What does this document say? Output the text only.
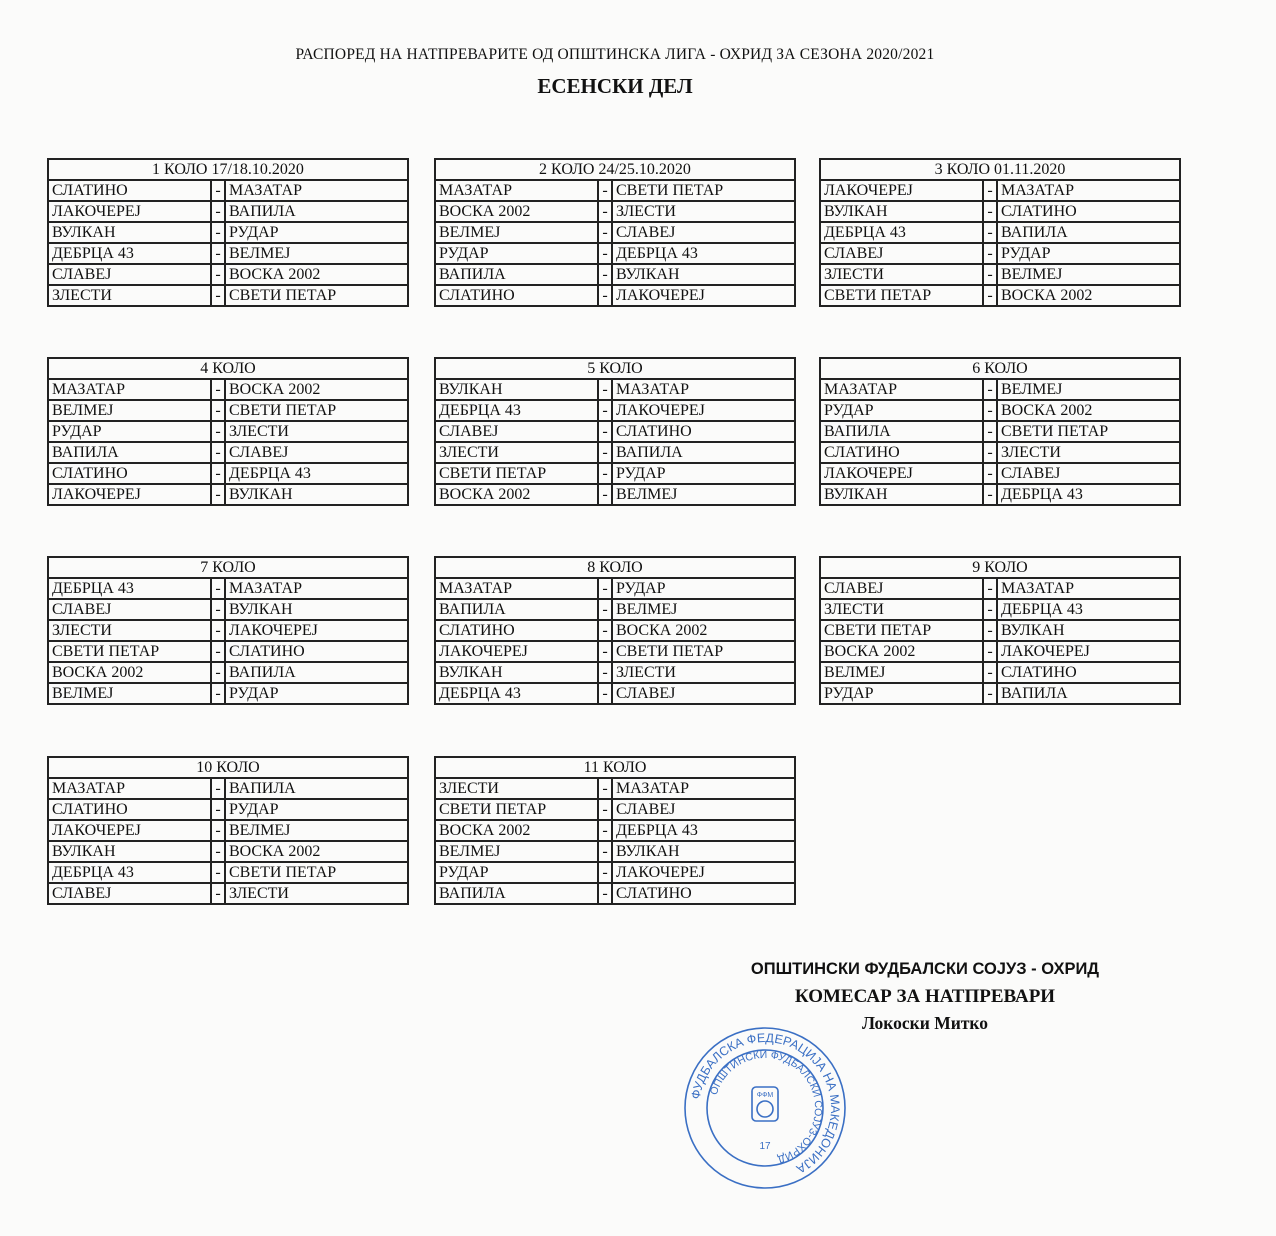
РАСПОРЕД НА НАТПРЕВАРИТЕ ОД ОПШТИНСКА ЛИГА - ОХРИД ЗА СЕЗОНА 2020/2021
ЕСЕНСКИ ДЕЛ
1 КОЛО 17/18.10.2020		
СЛАТИНО	-	МАЗАТАР
ЛАКОЧЕРЕЈ	-	ВАПИЛА
ВУЛКАН	-	РУДАР
ДЕБРЦА 43	-	ВЕЛМЕЈ
СЛАВЕЈ	-	ВОСКА 2002
ЗЛЕСТИ	-	СВЕТИ ПЕТАР
2 КОЛО 24/25.10.2020		
МАЗАТАР	-	СВЕТИ ПЕТАР
ВОСКА 2002	-	ЗЛЕСТИ
ВЕЛМЕЈ	-	СЛАВЕЈ
РУДАР	-	ДЕБРЦА 43
ВАПИЛА	-	ВУЛКАН
СЛАТИНО	-	ЛАКОЧЕРЕЈ
3 КОЛО 01.11.2020		
ЛАКОЧЕРЕЈ	-	МАЗАТАР
ВУЛКАН	-	СЛАТИНО
ДЕБРЦА 43	-	ВАПИЛА
СЛАВЕЈ	-	РУДАР
ЗЛЕСТИ	-	ВЕЛМЕЈ
СВЕТИ ПЕТАР	-	ВОСКА 2002
4 КОЛО		
МАЗАТАР	-	ВОСКА 2002
ВЕЛМЕЈ	-	СВЕТИ ПЕТАР
РУДАР	-	ЗЛЕСТИ
ВАПИЛА	-	СЛАВЕЈ
СЛАТИНО	-	ДЕБРЦА 43
ЛАКОЧЕРЕЈ	-	ВУЛКАН
5 КОЛО		
ВУЛКАН	-	МАЗАТАР
ДЕБРЦА 43	-	ЛАКОЧЕРЕЈ
СЛАВЕЈ	-	СЛАТИНО
ЗЛЕСТИ	-	ВАПИЛА
СВЕТИ ПЕТАР	-	РУДАР
ВОСКА 2002	-	ВЕЛМЕЈ
6 КОЛО		
МАЗАТАР	-	ВЕЛМЕЈ
РУДАР	-	ВОСКА 2002
ВАПИЛА	-	СВЕТИ ПЕТАР
СЛАТИНО	-	ЗЛЕСТИ
ЛАКОЧЕРЕЈ	-	СЛАВЕЈ
ВУЛКАН	-	ДЕБРЦА 43
7 КОЛО		
ДЕБРЦА 43	-	МАЗАТАР
СЛАВЕЈ	-	ВУЛКАН
ЗЛЕСТИ	-	ЛАКОЧЕРЕЈ
СВЕТИ ПЕТАР	-	СЛАТИНО
ВОСКА 2002	-	ВАПИЛА
ВЕЛМЕЈ	-	РУДАР
8 КОЛО		
МАЗАТАР	-	РУДАР
ВАПИЛА	-	ВЕЛМЕЈ
СЛАТИНО	-	ВОСКА 2002
ЛАКОЧЕРЕЈ	-	СВЕТИ ПЕТАР
ВУЛКАН	-	ЗЛЕСТИ
ДЕБРЦА 43	-	СЛАВЕЈ
9 КОЛО		
СЛАВЕЈ	-	МАЗАТАР
ЗЛЕСТИ	-	ДЕБРЦА 43
СВЕТИ ПЕТАР	-	ВУЛКАН
ВОСКА 2002	-	ЛАКОЧЕРЕЈ
ВЕЛМЕЈ	-	СЛАТИНО
РУДАР	-	ВАПИЛА
10 КОЛО		
МАЗАТАР	-	ВАПИЛА
СЛАТИНО	-	РУДАР
ЛАКОЧЕРЕЈ	-	ВЕЛМЕЈ
ВУЛКАН	-	ВОСКА 2002
ДЕБРЦА 43	-	СВЕТИ ПЕТАР
СЛАВЕЈ	-	ЗЛЕСТИ
11 КОЛО		
ЗЛЕСТИ	-	МАЗАТАР
СВЕТИ ПЕТАР	-	СЛАВЕЈ
ВОСКА 2002	-	ДЕБРЦА 43
ВЕЛМЕЈ	-	ВУЛКАН
РУДАР	-	ЛАКОЧЕРЕЈ
ВАПИЛА	-	СЛАТИНО
ОПШТИНСКИ ФУДБАЛСКИ СОЈУЗ - ОХРИД
КОМЕСАР ЗА НАТПРЕВАРИ
Локоски Митко
ФУДБАЛСКА ФЕДЕРАЦИЈА НА МАКЕДОНИЈА
ОПШТИНСКИ ФУДБАЛСКИ СОЈУЗ-ОХРИД
ФФМ
17
